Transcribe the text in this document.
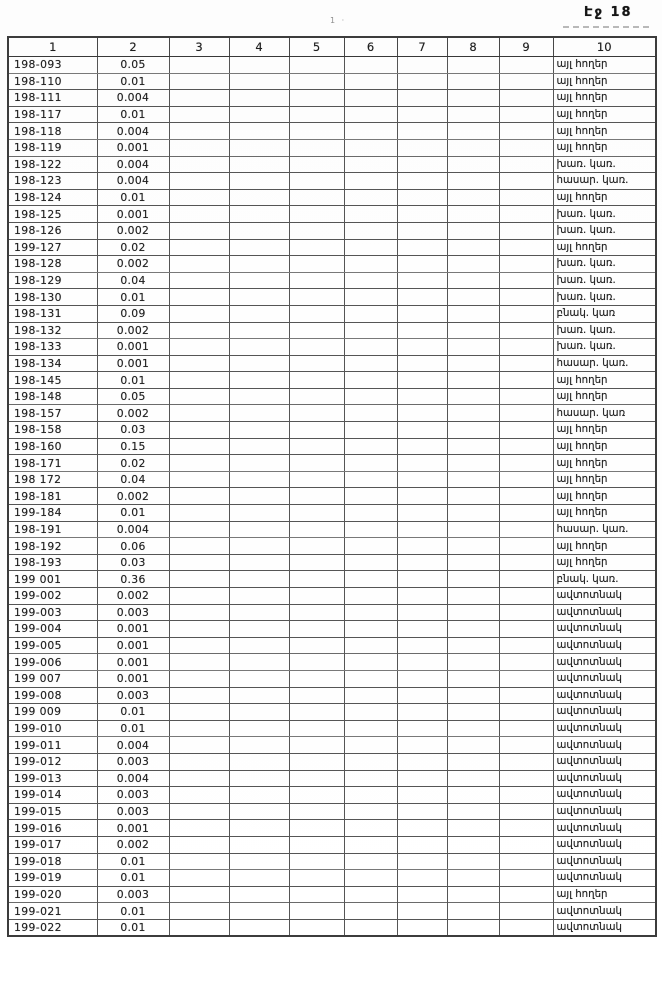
Էջ 18
1 ·
1	2	3	4	5	6	7	8	9	10
198-093	0.05								այլ հողեր
198-110	0.01								այլ հողեր
198-111	0.004								այլ հողեր
198-117	0.01								այլ հողեր
198-118	0.004								այլ հողեր
198-119	0.001								այլ հողեր
198-122	0.004								խառ. կառ.
198-123	0.004								հասար. կառ.
198-124	0.01								այլ հողեր
198-125	0.001								խառ. կառ.
198-126	0.002								խառ. կառ.
199-127	0.02								այլ հողեր
198-128	0.002								խառ. կառ.
198-129	0.04								խառ. կառ.
198-130	0.01								խառ. կառ.
198-131	0.09								բնակ. կառ
198-132	0.002								խառ. կառ.
198-133	0.001								խառ. կառ.
198-134	0.001								հասար. կառ.
198-145	0.01								այլ հողեր
198-148	0.05								այլ հողեր
198-157	0.002								հասար. կառ
198-158	0.03								այլ հողեր
198-160	0.15								այլ հողեր
198-171	0.02								այլ հողեր
198 172	0.04								այլ հողեր
198-181	0.002								այլ հողեր
199-184	0.01								այլ հողեր
198-191	0.004								հասար. կառ.
198-192	0.06								այլ հողեր
198-193	0.03								այլ հողեր
199 001	0.36								բնակ. կառ.
199-002	0.002								ավտոտնակ
199-003	0.003								ավտոտնակ
199-004	0.001								ավտոտնակ
199-005	0.001								ավտոտնակ
199-006	0.001								ավտոտնակ
199 007	0.001								ավտոտնակ
199-008	0.003								ավտոտնակ
199 009	0.01								ավտոտնակ
199-010	0.01								ավտոտնակ
199-011	0.004								ավտոտնակ
199-012	0.003								ավտոտնակ
199-013	0.004								ավտոտնակ
199-014	0.003								ավտոտնակ
199-015	0.003								ավտոտնակ
199-016	0.001								ավտոտնակ
199-017	0.002								ավտոտնակ
199-018	0.01								ավտոտնակ
199-019	0.01								ավտոտնակ
199-020	0.003								այլ հողեր
199-021	0.01								ավտոտնակ
199-022	0.01								ավտոտնակ
